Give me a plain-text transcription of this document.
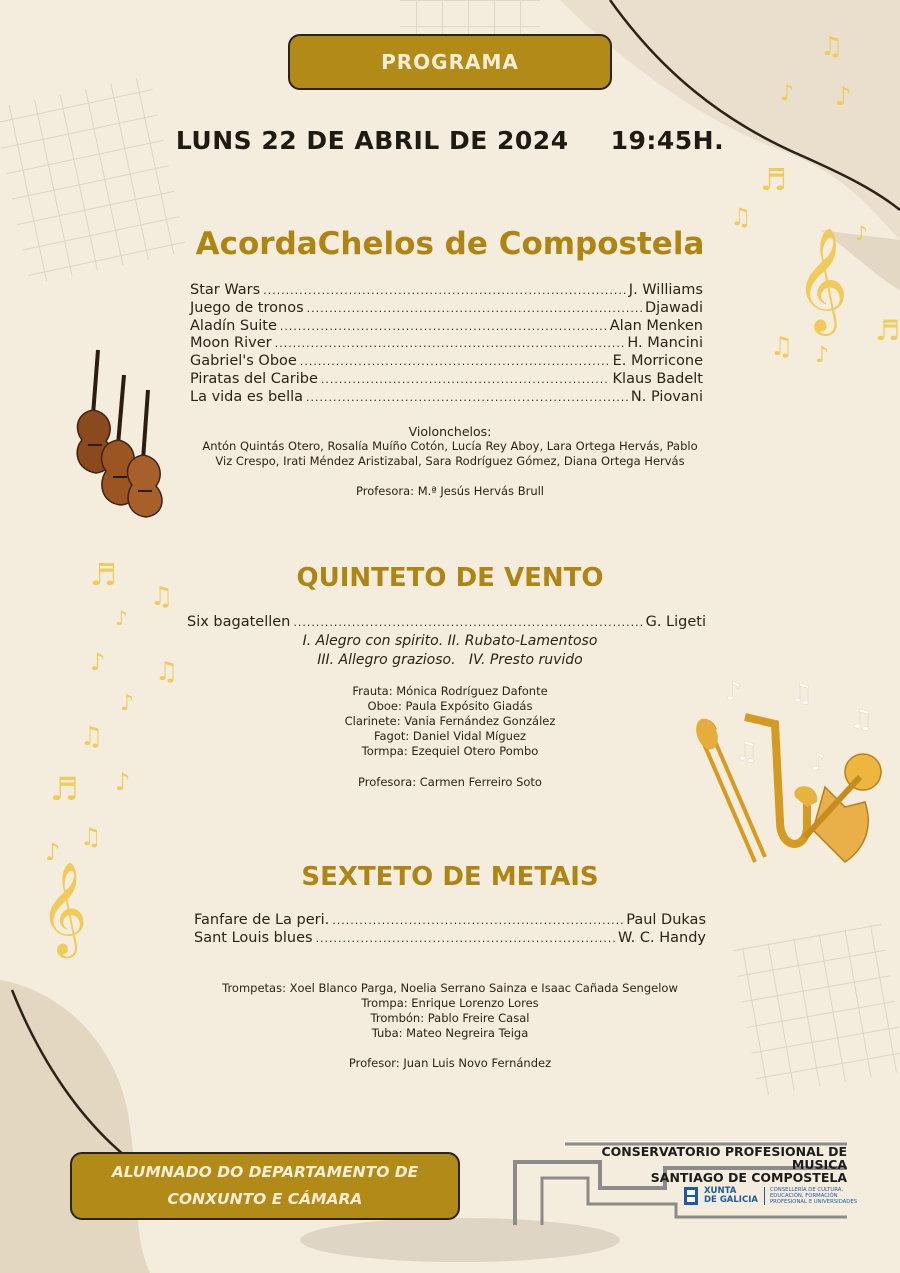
♫
♪ ♪
♬
♫
𝄞 ♪
♬
♫ ♪
♬
♫
♪
♪ ♫
♪
♫
♬ ♪
♫
♪
𝄞
♪ ♫
♫
♫ ♪
PROGRAMA
LUNS 22 DE ABRIL DE 2024 19:45H.
AcordaChelos de Compostela
Star Wars .....	J. Williams
Juego de tronos .....	Djawadi
Aladín Suite .....	Alan Menken
Moon River .....	H. Mancini
Gabriel's Oboe .....	E. Morricone
Piratas del Caribe .....	Klaus Badelt
La vida es bella .....	N. Piovani
Violonchelos:
Antón Quintás Otero, Rosalía Muíño Cotón, Lucía Rey Aboy, Lara Ortega Hervás, Pablo
Viz Crespo, Irati Méndez Aristizabal, Sara Rodríguez Gómez, Diana Ortega Hervás
Profesora: M.ª Jesús Hervás Brull
QUINTETO DE VENTO
Six bagatellen .....	G. Ligeti
I. Alegro con spirito. II. Rubato-Lamentoso
III. Allegro grazioso.   IV. Presto ruvido
Frauta: Mónica Rodríguez Dafonte
Oboe: Paula Expósito Giadás
Clarinete: Vania Fernández González
Fagot: Daniel Vidal Míguez
Tormpa: Ezequiel Otero Pombo
Profesora: Carmen Ferreiro Soto
SEXTETO DE METAIS
Fanfare de La peri. .....	Paul Dukas
Sant Louis blues .....	W. C. Handy
Trompetas: Xoel Blanco Parga, Noelia Serrano Sainza e Isaac Cañada Sengelow
Trompa: Enrique Lorenzo Lores
Trombón: Pablo Freire Casal
Tuba: Mateo Negreira Teiga
Profesor: Juan Luis Novo Fernández
ALUMNADO DO DEPARTAMENTO DE
CONXUNTO E CÁMARA
CONSERVATORIO PROFESIONAL DE MUSICA
SANTIAGO DE COMPOSTELA
XUNTA
DE GALICIA
CONSELLERÍA DE CULTURA,
EDUCACIÓN, FORMACIÓN
PROFESIONAL E UNIVERSIDADES
